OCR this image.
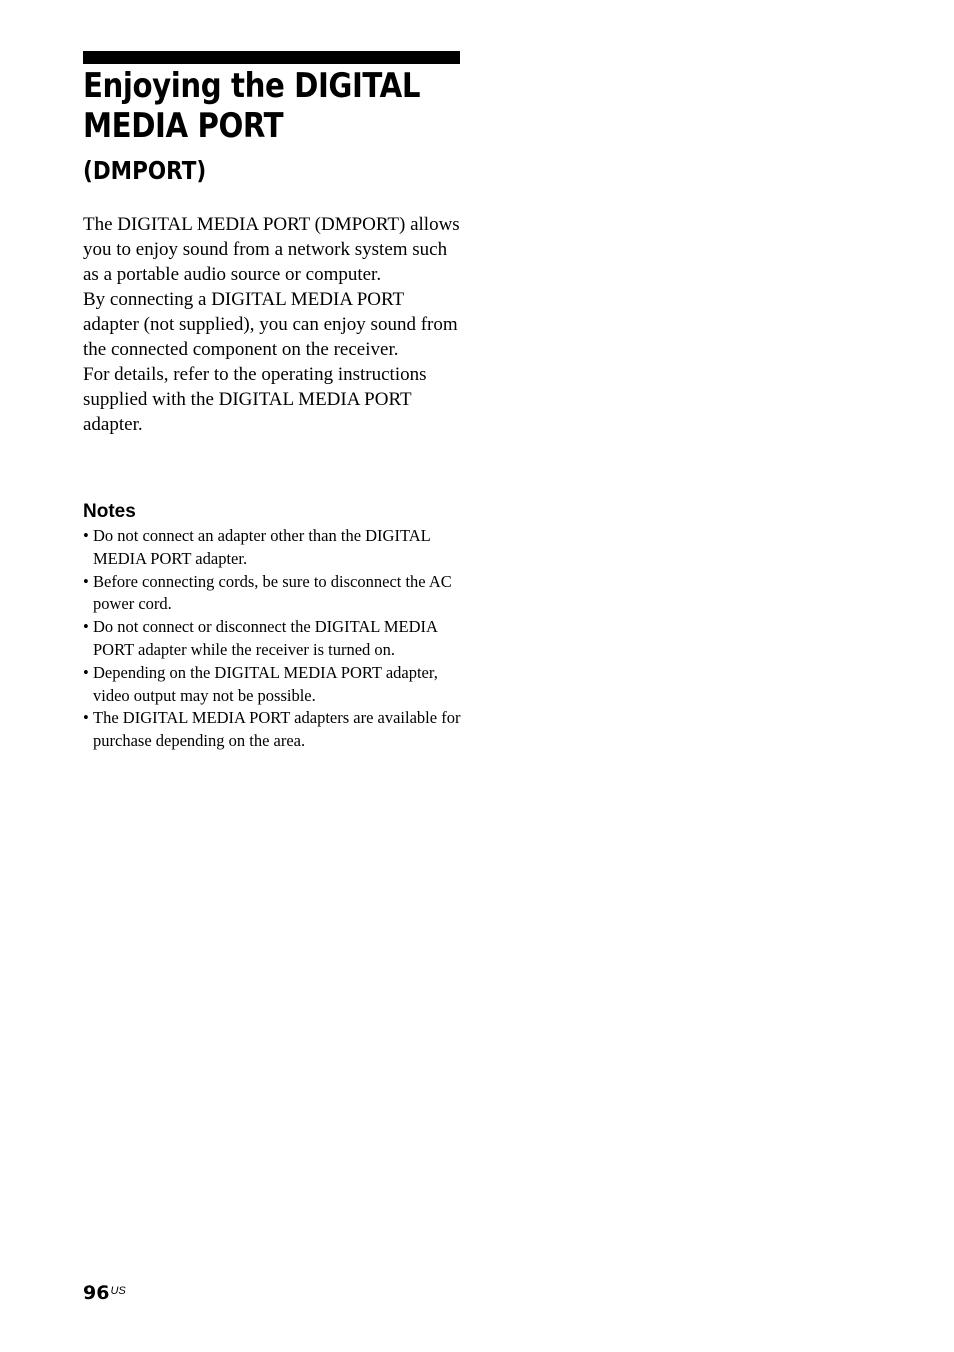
Enjoying the DIGITAL
MEDIA PORT
(DMPORT)

The DIGITAL MEDIA PORT (DMPORT) allows you to enjoy sound from a network system such as a portable audio source or computer.

By connecting a DIGITAL MEDIA PORT adapter (not supplied), you can enjoy sound from the connected component on the receiver.

For details, refer to the operating instructions supplied with the DIGITAL MEDIA PORT adapter.

Notes
• Do not connect an adapter other than the DIGITAL MEDIA PORT adapter.
• Before connecting cords, be sure to disconnect the AC power cord.
• Do not connect or disconnect the DIGITAL MEDIA PORT adapter while the receiver is turned on.
• Depending on the DIGITAL MEDIA PORT adapter, video output may not be possible.
• The DIGITAL MEDIA PORT adapters are available for purchase depending on the area.
$96^{US}$
